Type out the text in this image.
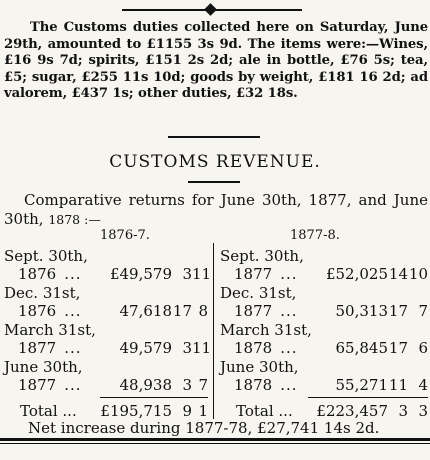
The Customs duties collected here on Saturday, June 29th, amounted to £1155 3s 9d. The items were:—Wines, £16 9s 7d; spirits, £151 2s 2d; ale in bottle, £76 5s; tea, £5; sugar, £255 11s 10d; goods by weight, £181 16 2d; ad valorem, £437 1s; other duties, £32 18s.

CUSTOMS REVENUE.

Comparative returns for June 30th, 1877, and June 30th, 1878 :—

1876-7.	1877-8.
Sept. 30th,
1876 ...	£49,579 3 11
Dec. 31st,
1876 ...	47,618 17 8
March 31st,
1877 ...	49,579 3 11
June 30th,
1877 ...	48,938 3 7
Sept. 30th,
1877 ...	£52,025 14 10
Dec. 31st,
1877 ...	50,313 17 7
March 31st,
1878 ...	65,845 17 6
June 30th,
1878 ...	55,271 11 4
Total ...	£195,715 9 1 Total ...	£223,457 3 3
Net increase during 1877-78, £27,741 14s 2d.
